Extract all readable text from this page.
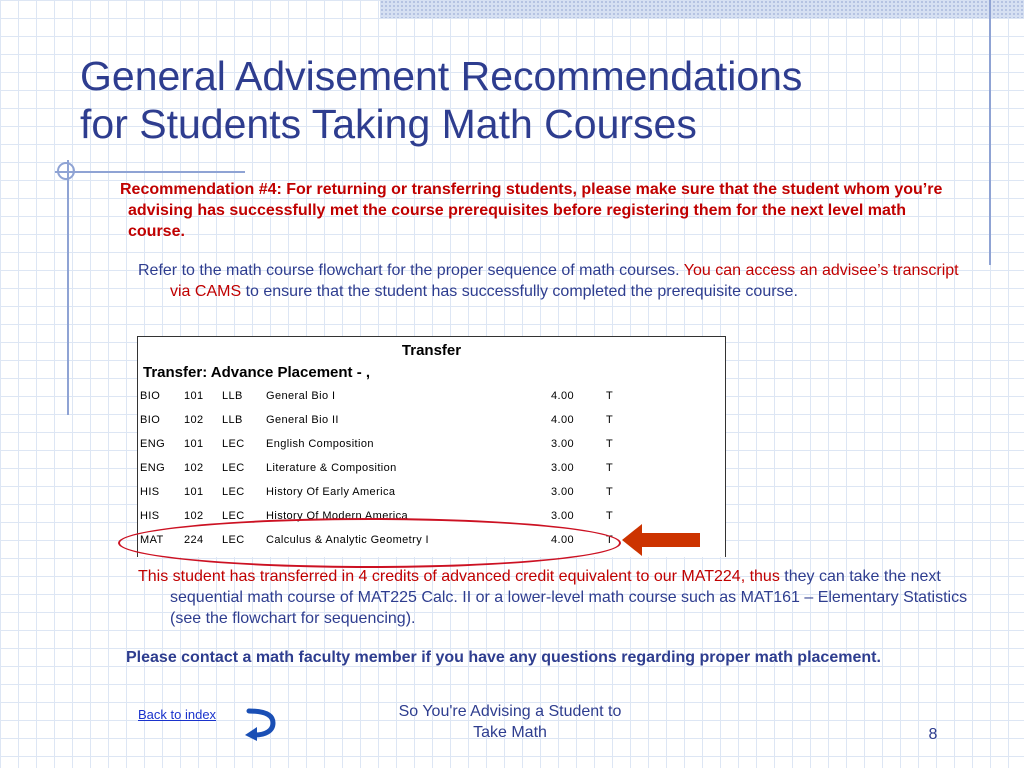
General Advisement Recommendations
for Students Taking Math Courses
Recommendation #4: For returning or transferring students, please make sure that the student whom you’re advising has successfully met the course prerequisites before registering them for the next level math course.

Refer to the math course flowchart for the proper sequence of math courses. You can access an advisee’s transcript via CAMS to ensure that the student has successfully completed the prerequisite course.

Transfer
Transfer: Advance Placement - ,
BIO 101 LLB General Bio I	4.00	T
BIO 102 LLB General Bio II	4.00	T
ENG 101 LEC English Composition	3.00	T
ENG 102 LEC Literature & Composition	3.00	T
HIS 101 LEC History Of Early America	3.00	T
HIS 102 LEC History Of Modern America	3.00	T
MAT 224 LEC Calculus & Analytic Geometry I	4.00	T

This student has transferred in 4 credits of advanced credit equivalent to our MAT224, thus they can take the next sequential math course of MAT225 Calc. II or a lower-level math course such as MAT161 – Elementary Statistics (see the flowchart for sequencing).

Please contact a math faculty member if you have any questions regarding proper math placement.

Back to index	So You're Advising a Student to
Take Math	8
